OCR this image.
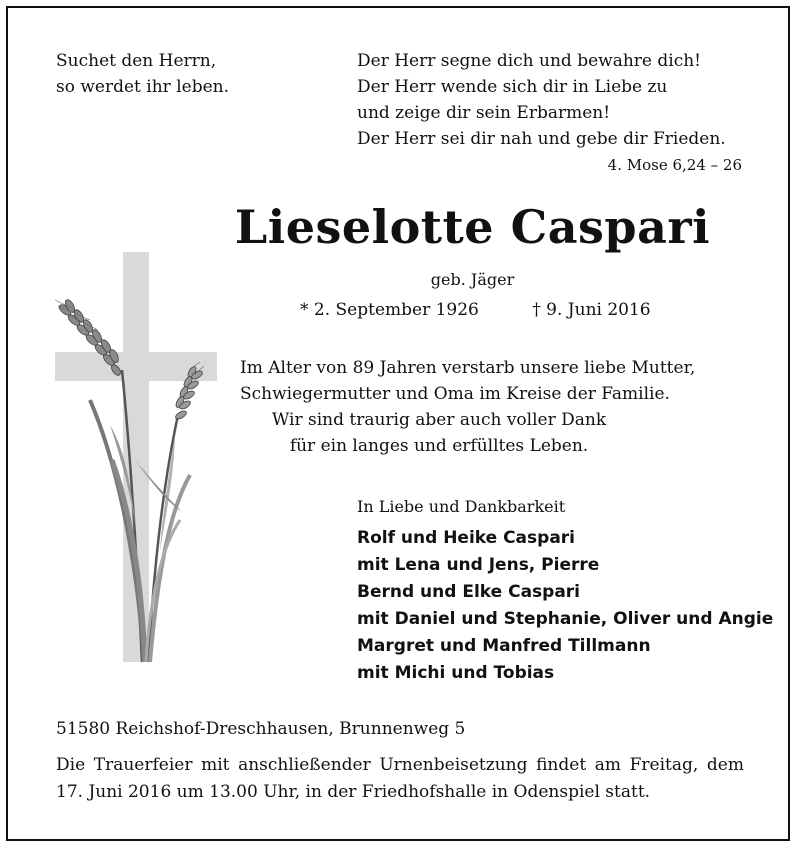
Suchet den Herrn,
so werdet ihr leben.
Der Herr segne dich und bewahre dich!
Der Herr wende sich dir in Liebe zu
und zeige dir sein Erbarmen!
Der Herr sei dir nah und gebe dir Frieden.
4. Mose 6,24 – 26
Lieselotte Caspari
geb. Jäger
* 2. September 1926	† 9. Juni 2016
Im Alter von 89 Jahren verstarb unsere liebe Mutter,
Schwiegermutter und Oma im Kreise der Familie.
Wir sind traurig aber auch voller Dank
für ein langes und erfülltes Leben.
In Liebe und Dankbarkeit
Rolf und Heike Caspari
mit Lena und Jens, Pierre
Bernd und Elke Caspari
mit Daniel und Stephanie, Oliver und Angie
Margret und Manfred Tillmann
mit Michi und Tobias
51580 Reichshof-Dreschhausen, Brunnenweg 5
Die Trauerfeier mit anschließender Urnenbeisetzung findet am Freitag, dem
17. Juni 2016 um 13.00 Uhr, in der Friedhofshalle in Odenspiel statt.
